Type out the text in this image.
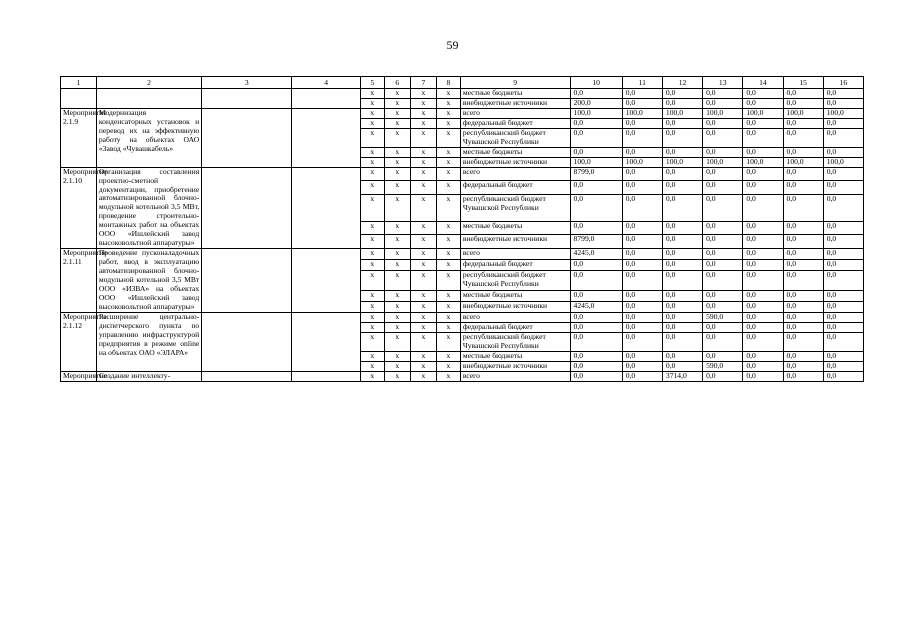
59
1	2	3	4	5	6	7	8	9	10	11	12	13	14	15	16
				х	х	х	х	местные бюджеты	0,0	0,0	0,0	0,0	0,0	0,0	0,0
				х	х	х	х	внебюджетные источники	200,0	0,0	0,0	0,0	0,0	0,0	0,0
Мероприятие 2.1.9	Модернизация конденсаторных установок и перевод их на эффективную работу на объектах ОАО «Завод «Чувашкабель»			х	х	х	х	всего	100,0	100,0	100,0	100,0	100,0	100,0	100,0
				х	х	х	х	федеральный бюджет	0,0	0,0	0,0	0,0	0,0	0,0	0,0
				х	х	х	х	республиканский бюджет Чувашской Республики	0,0	0,0	0,0	0,0	0,0	0,0	0,0
				х	х	х	х	местные бюджеты	0,0	0,0	0,0	0,0	0,0	0,0	0,0
				х	х	х	х	внебюджетные источники	100,0	100,0	100,0	100,0	100,0	100,0	100,0
Мероприятие 2.1.10	Организация составления проектно-сметной документации, приобретение автоматизированной блочно-модульной котельной 3,5 МВт, проведение строительно-монтажных работ на объектах ООО «Ишлейский завод высоковольтной аппаратуры»			х	х	х	х	всего	8799,0	0,0	0,0	0,0	0,0	0,0	0,0
				х	х	х	х	федеральный бюджет	0,0	0,0	0,0	0,0	0,0	0,0	0,0
				х	х	х	х	республиканский бюджет Чувашской Республики	0,0	0,0	0,0	0,0	0,0	0,0	0,0
				х	х	х	х	местные бюджеты	0,0	0,0	0,0	0,0	0,0	0,0	0,0
				х	х	х	х	внебюджетные источники	8799,0	0,0	0,0	0,0	0,0	0,0	0,0
Мероприятие 2.1.11	Проведение пусконаладочных работ, ввод в эксплуатацию автоматизированной блочно-модульной котельной 3,5 МВт ООО «ИЗВА» на объектах ООО «Ишлейский завод высоковольтной аппаратуры»			х	х	х	х	всего	4245,0	0,0	0,0	0,0	0,0	0,0	0,0
				х	х	х	х	федеральный бюджет	0,0	0,0	0,0	0,0	0,0	0,0	0,0
				х	х	х	х	республиканский бюджет Чувашской Республики	0,0	0,0	0,0	0,0	0,0	0,0	0,0
				х	х	х	х	местные бюджеты	0,0	0,0	0,0	0,0	0,0	0,0	0,0
				х	х	х	х	внебюджетные источники	4245,0	0,0	0,0	0,0	0,0	0,0	0,0
Мероприятие 2.1.12	Расширение центрально-диспетчерского пункта по управлению инфраструктурой предприятия в режиме online на объектах ОАО «ЭЛАРА»			х	х	х	х	всего	0,0	0,0	0,0	590,0	0,0	0,0	0,0
				х	х	х	х	федеральный бюджет	0,0	0,0	0,0	0,0	0,0	0,0	0,0
				х	х	х	х	республиканский бюджет Чувашской Республики	0,0	0,0	0,0	0,0	0,0	0,0	0,0
				х	х	х	х	местные бюджеты	0,0	0,0	0,0	0,0	0,0	0,0	0,0
				х	х	х	х	внебюджетные источники	0,0	0,0	0,0	590,0	0,0	0,0	0,0
Мероприятие	Создание интеллекту-			х	х	х	х	всего	0,0	0,0	3714,0	0,0	0,0	0,0	0,0
